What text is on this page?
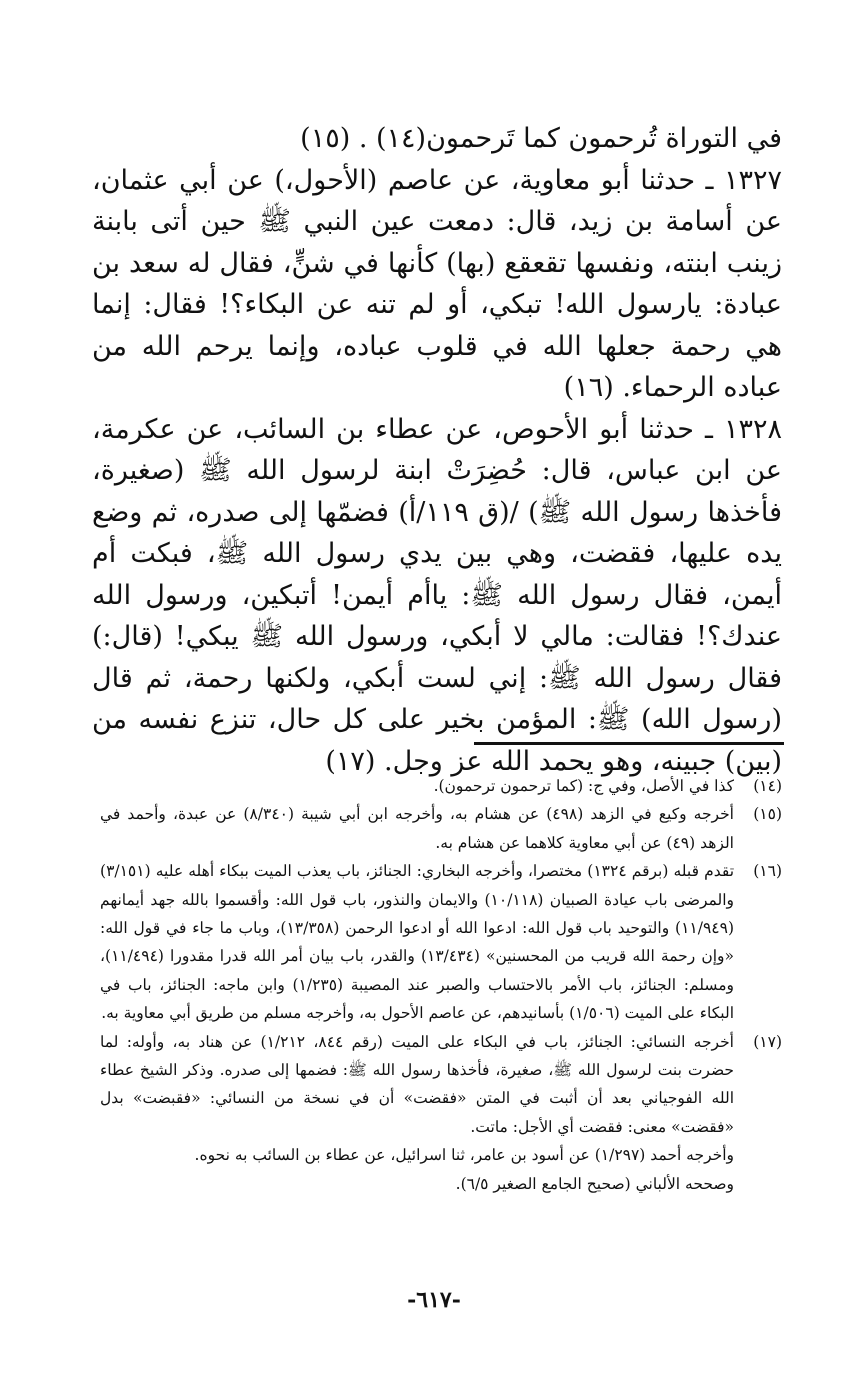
في التوراة تُرحمون كما تَرحمون(١٤) . (١٥)

١٣٢٧ ـ حدثنا أبو معاوية، عن عاصم (الأحول،) عن أبي عثمان، عن أسامة بن زيد، قال: دمعت عين النبي ﷺ حين أتى بابنة زينب ابنته، ونفسها تقعقع (بها) كأنها في شنٍّ، فقال له سعد بن عبادة: يارسول الله! تبكي، أو لم تنه عن البكاء؟! فقال: إنما هي رحمة جعلها الله في قلوب عباده، وإنما يرحم الله من عباده الرحماء. (١٦)

١٣٢٨ ـ حدثنا أبو الأحوص، عن عطاء بن السائب، عن عكرمة، عن ابن عباس، قال: حُضِرَتْ ابنة لرسول الله ﷺ (صغيرة، فأخذها رسول الله ﷺ) /(ق ١١٩/أ) فضمّها إلى صدره، ثم وضع يده عليها، فقضت، وهي بين يدي رسول الله ﷺ، فبكت أم أيمن، فقال رسول الله ﷺ: ياأم أيمن! أتبكين، ورسول الله عندك؟! فقالت: مالي لا أبكي، ورسول الله ﷺ يبكي! (قال:) فقال رسول الله ﷺ: إني لست أبكي، ولكنها رحمة، ثم قال (رسول الله) ﷺ: المؤمن بخير على كل حال، تنزع نفسه من (بين) جبينه، وهو يحمد الله عز وجل. (١٧)

(١٤)

كذا في الأصل، وفي ج: (كما ترحمون ترحمون).

(١٥)

أخرجه وكيع في الزهد (٤٩٨) عن هشام به، وأخرجه ابن أبي شيبة (٨/٣٤٠) عن عبدة، وأحمد في الزهد (٤٩) عن أبي معاوية كلاهما عن هشام به.

(١٦)

تقدم قبله (برقم ١٣٢٤) مختصرا، وأخرجه البخاري: الجنائز، باب يعذب الميت ببكاء أهله عليه (٣/١٥١) والمرضى باب عيادة الصبيان (١٠/١١٨) والايمان والنذور، باب قول الله: وأقسموا بالله جهد أيمانهم (١١/٩٤٩) والتوحيد باب قول الله: ادعوا الله أو ادعوا الرحمن (١٣/٣٥٨)، وباب ما جاء في قول الله: «وإن رحمة الله قريب من المحسنين» (١٣/٤٣٤) والقدر، باب بيان أمر الله قدرا مقدورا (١١/٤٩٤)، ومسلم: الجنائز، باب الأمر بالاحتساب والصبر عند المصيبة (١/٢٣٥) وابن ماجه: الجنائز، باب في البكاء على الميت (١/٥٠٦) بأسانيدهم، عن عاصم الأحول به، وأخرجه مسلم من طريق أبي معاوية به.

(١٧)

أخرجه النسائي: الجنائز، باب في البكاء على الميت (رقم ٨٤٤، ١/٢١٢) عن هناد به، وأوله: لما حضرت بنت لرسول الله ﷺ، صغيرة، فأخذها رسول الله ﷺ: فضمها إلى صدره. وذكر الشيخ عطاء الله الفوجياني بعد أن أثبت في المتن «فقضت» أن في نسخة من النسائي: «فقبضت» بدل «فقضت» معنى: فقضت أي الأجل: ماتت.

وأخرجه أحمد (١/٢٩٧) عن أسود بن عامر، ثنا اسرائيل، عن عطاء بن السائب به نحوه.

وصححه الألباني (صحيح الجامع الصغير ٦/٥).

-٦١٧-
